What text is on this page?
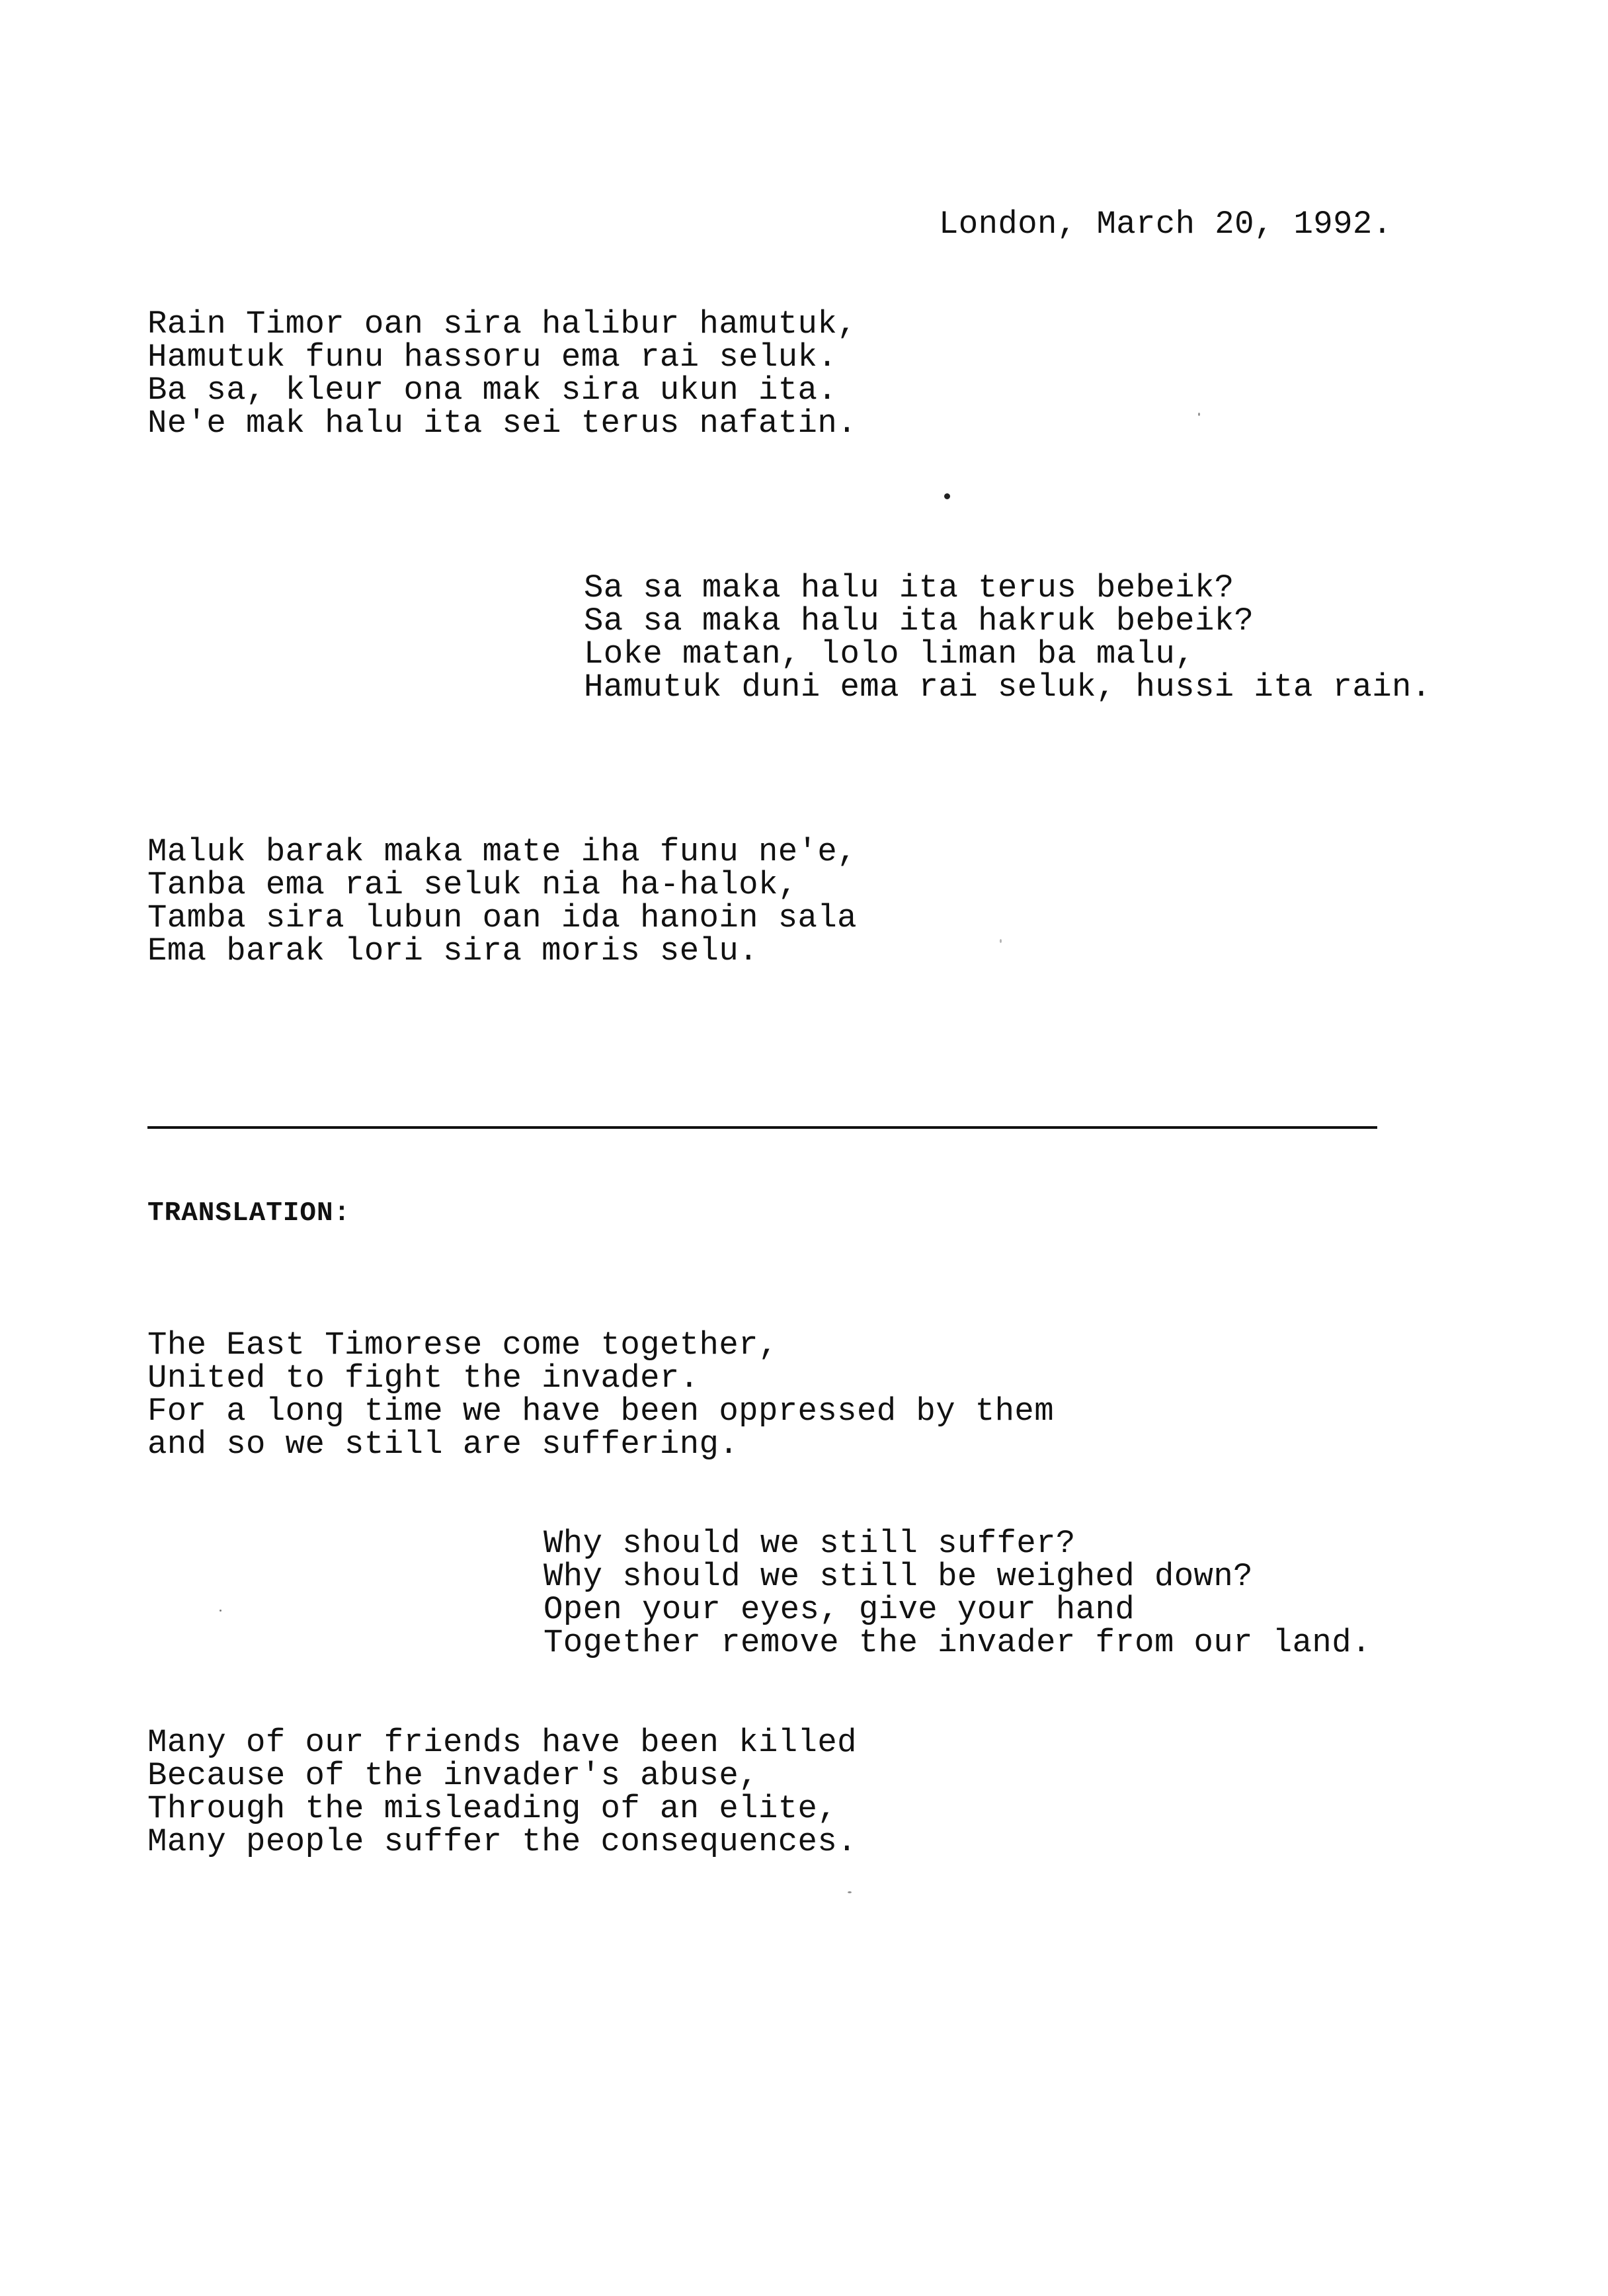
London, March 20, 1992.

Rain Timor oan sira halibur hamutuk,
Hamutuk funu hassoru ema rai seluk.
Ba sa, kleur ona mak sira ukun ita.
Ne'e mak halu ita sei terus nafatin.
Sa sa maka halu ita terus bebeik?
Sa sa maka halu ita hakruk bebeik?
Loke matan, lolo liman ba malu,
Hamutuk duni ema rai seluk, hussi ita rain.
Maluk barak maka mate iha funu ne'e,
Tanba ema rai seluk nia ha-halok,
Tamba sira lubun oan ida hanoin sala
Ema barak lori sira moris selu.

TRANSLATION:

The East Timorese come together,
United to fight the invader.
For a long time we have been oppressed by them
and so we still are suffering.
Why should we still suffer?
Why should we still be weighed down?
Open your eyes, give your hand
Together remove the invader from our land.
Many of our friends have been killed
Because of the invader's abuse,
Through the misleading of an elite,
Many people suffer the consequences.
